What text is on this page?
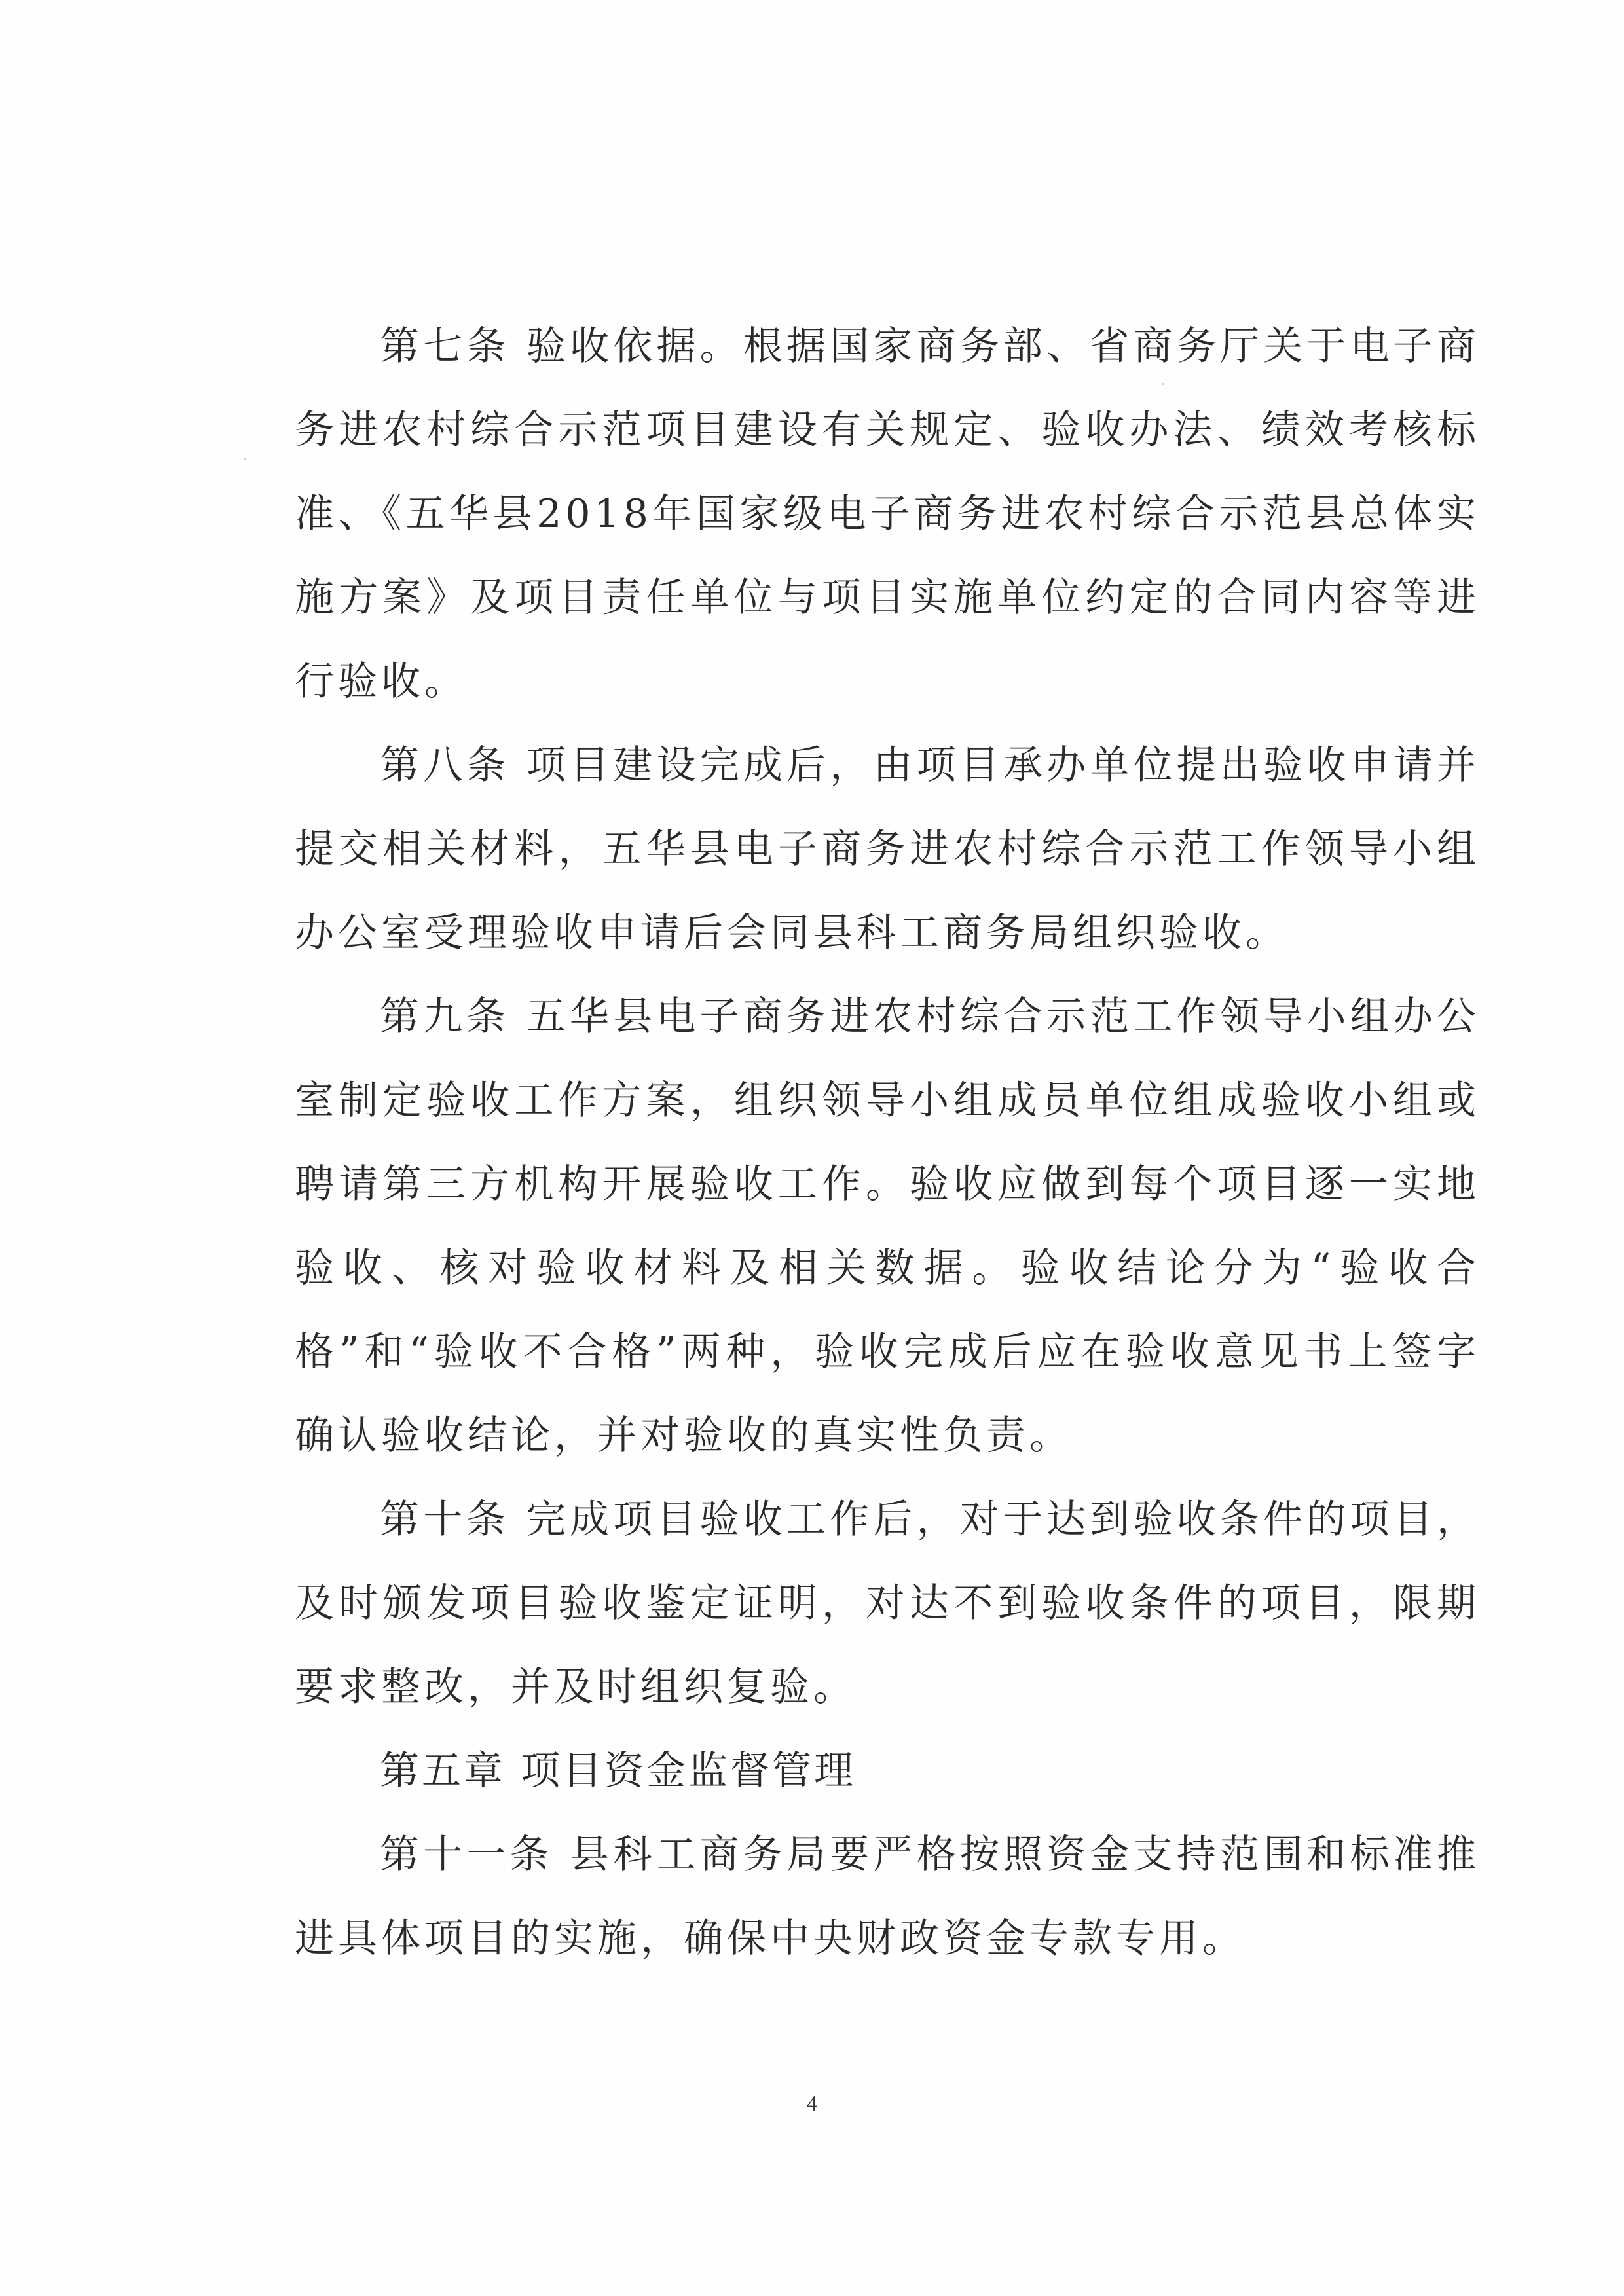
第七条 验收依据。根据国家商务部、省商务厅关于电子商务进农村综合示范项目建设有关规定、验收办法、绩效考核标准、《五华县2018年国家级电子商务进农村综合示范县总体实施方案》及项目责任单位与项目实施单位约定的合同内容等进行验收。

第八条 项目建设完成后，由项目承办单位提出验收申请并提交相关材料，五华县电子商务进农村综合示范工作领导小组办公室受理验收申请后会同县科工商务局组织验收。

第九条 五华县电子商务进农村综合示范工作领导小组办公室制定验收工作方案，组织领导小组成员单位组成验收小组或聘请第三方机构开展验收工作。验收应做到每个项目逐一实地验收、核对验收材料及相关数据。验收结论分为“验收合格”和“验收不合格”两种，验收完成后应在验收意见书上签字确认验收结论，并对验收的真实性负责。

第十条 完成项目验收工作后，对于达到验收条件的项目，及时颁发项目验收鉴定证明，对达不到验收条件的项目，限期要求整改，并及时组织复验。

第五章 项目资金监督管理

第十一条 县科工商务局要严格按照资金支持范围和标准推进具体项目的实施，确保中央财政资金专款专用。

4
